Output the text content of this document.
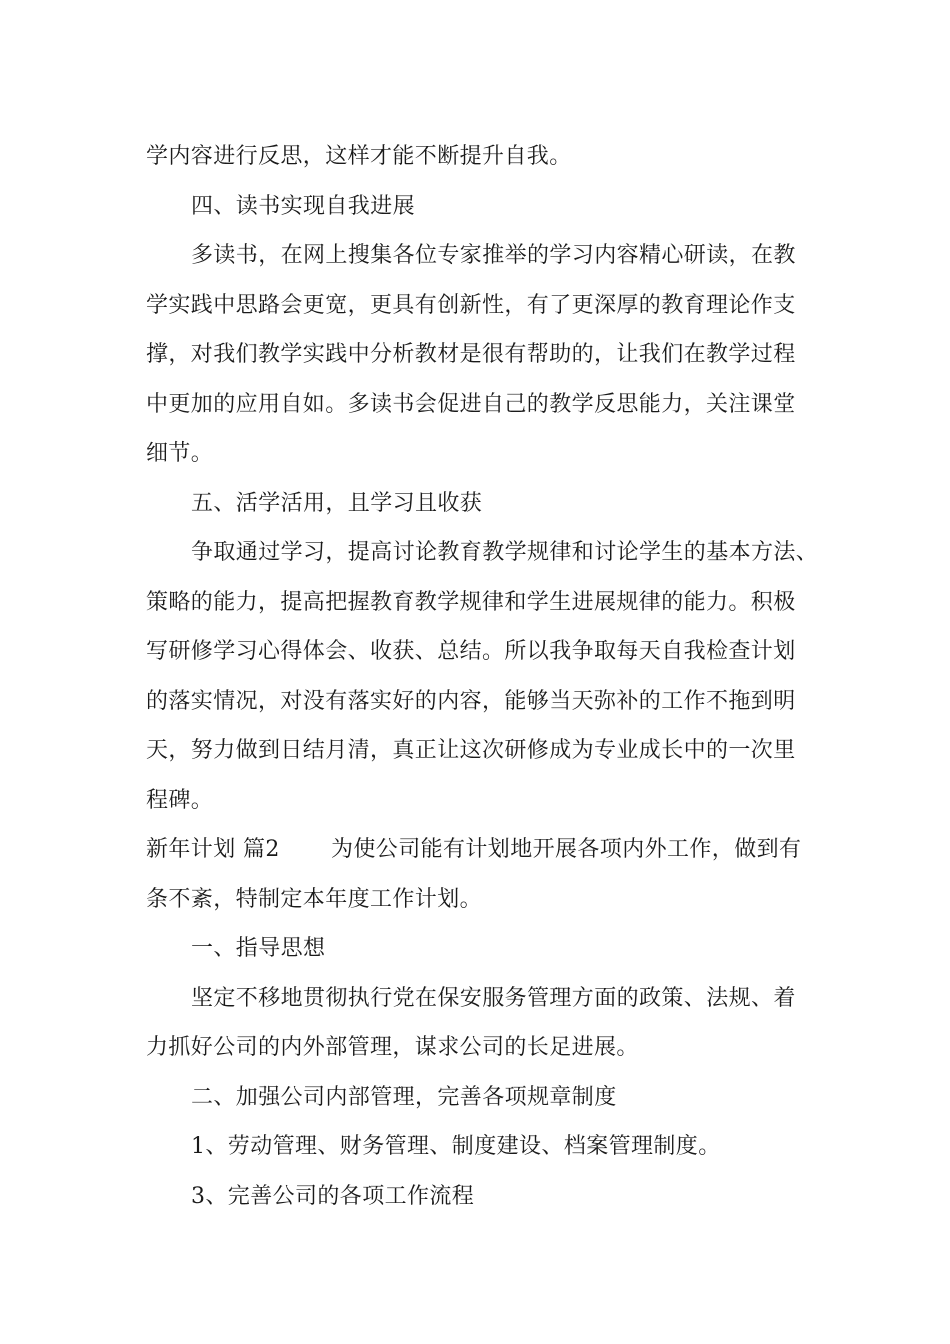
学内容进行反思，这样才能不断提升自我。
四、读书实现自我进展
多读书，在网上搜集各位专家推举的学习内容精心研读，在教
学实践中思路会更宽，更具有创新性，有了更深厚的教育理论作支
撑，对我们教学实践中分析教材是很有帮助的，让我们在教学过程
中更加的应用自如。多读书会促进自己的教学反思能力，关注课堂
细节。
五、活学活用，且学习且收获
争取通过学习，提高讨论教育教学规律和讨论学生的基本方法、
策略的能力，提高把握教育教学规律和学生进展规律的能力。积极
写研修学习心得体会、收获、总结。所以我争取每天自我检查计划
的落实情况，对没有落实好的内容，能够当天弥补的工作不拖到明
天，努力做到日结月清，真正让这次研修成为专业成长中的一次里
程碑。
新年计划 篇2 为使公司能有计划地开展各项内外工作，做到有
条不紊，特制定本年度工作计划。
一、指导思想
坚定不移地贯彻执行党在保安服务管理方面的政策、法规、着
力抓好公司的内外部管理，谋求公司的长足进展。
二、加强公司内部管理，完善各项规章制度
1、劳动管理、财务管理、制度建设、档案管理制度。
3、完善公司的各项工作流程
